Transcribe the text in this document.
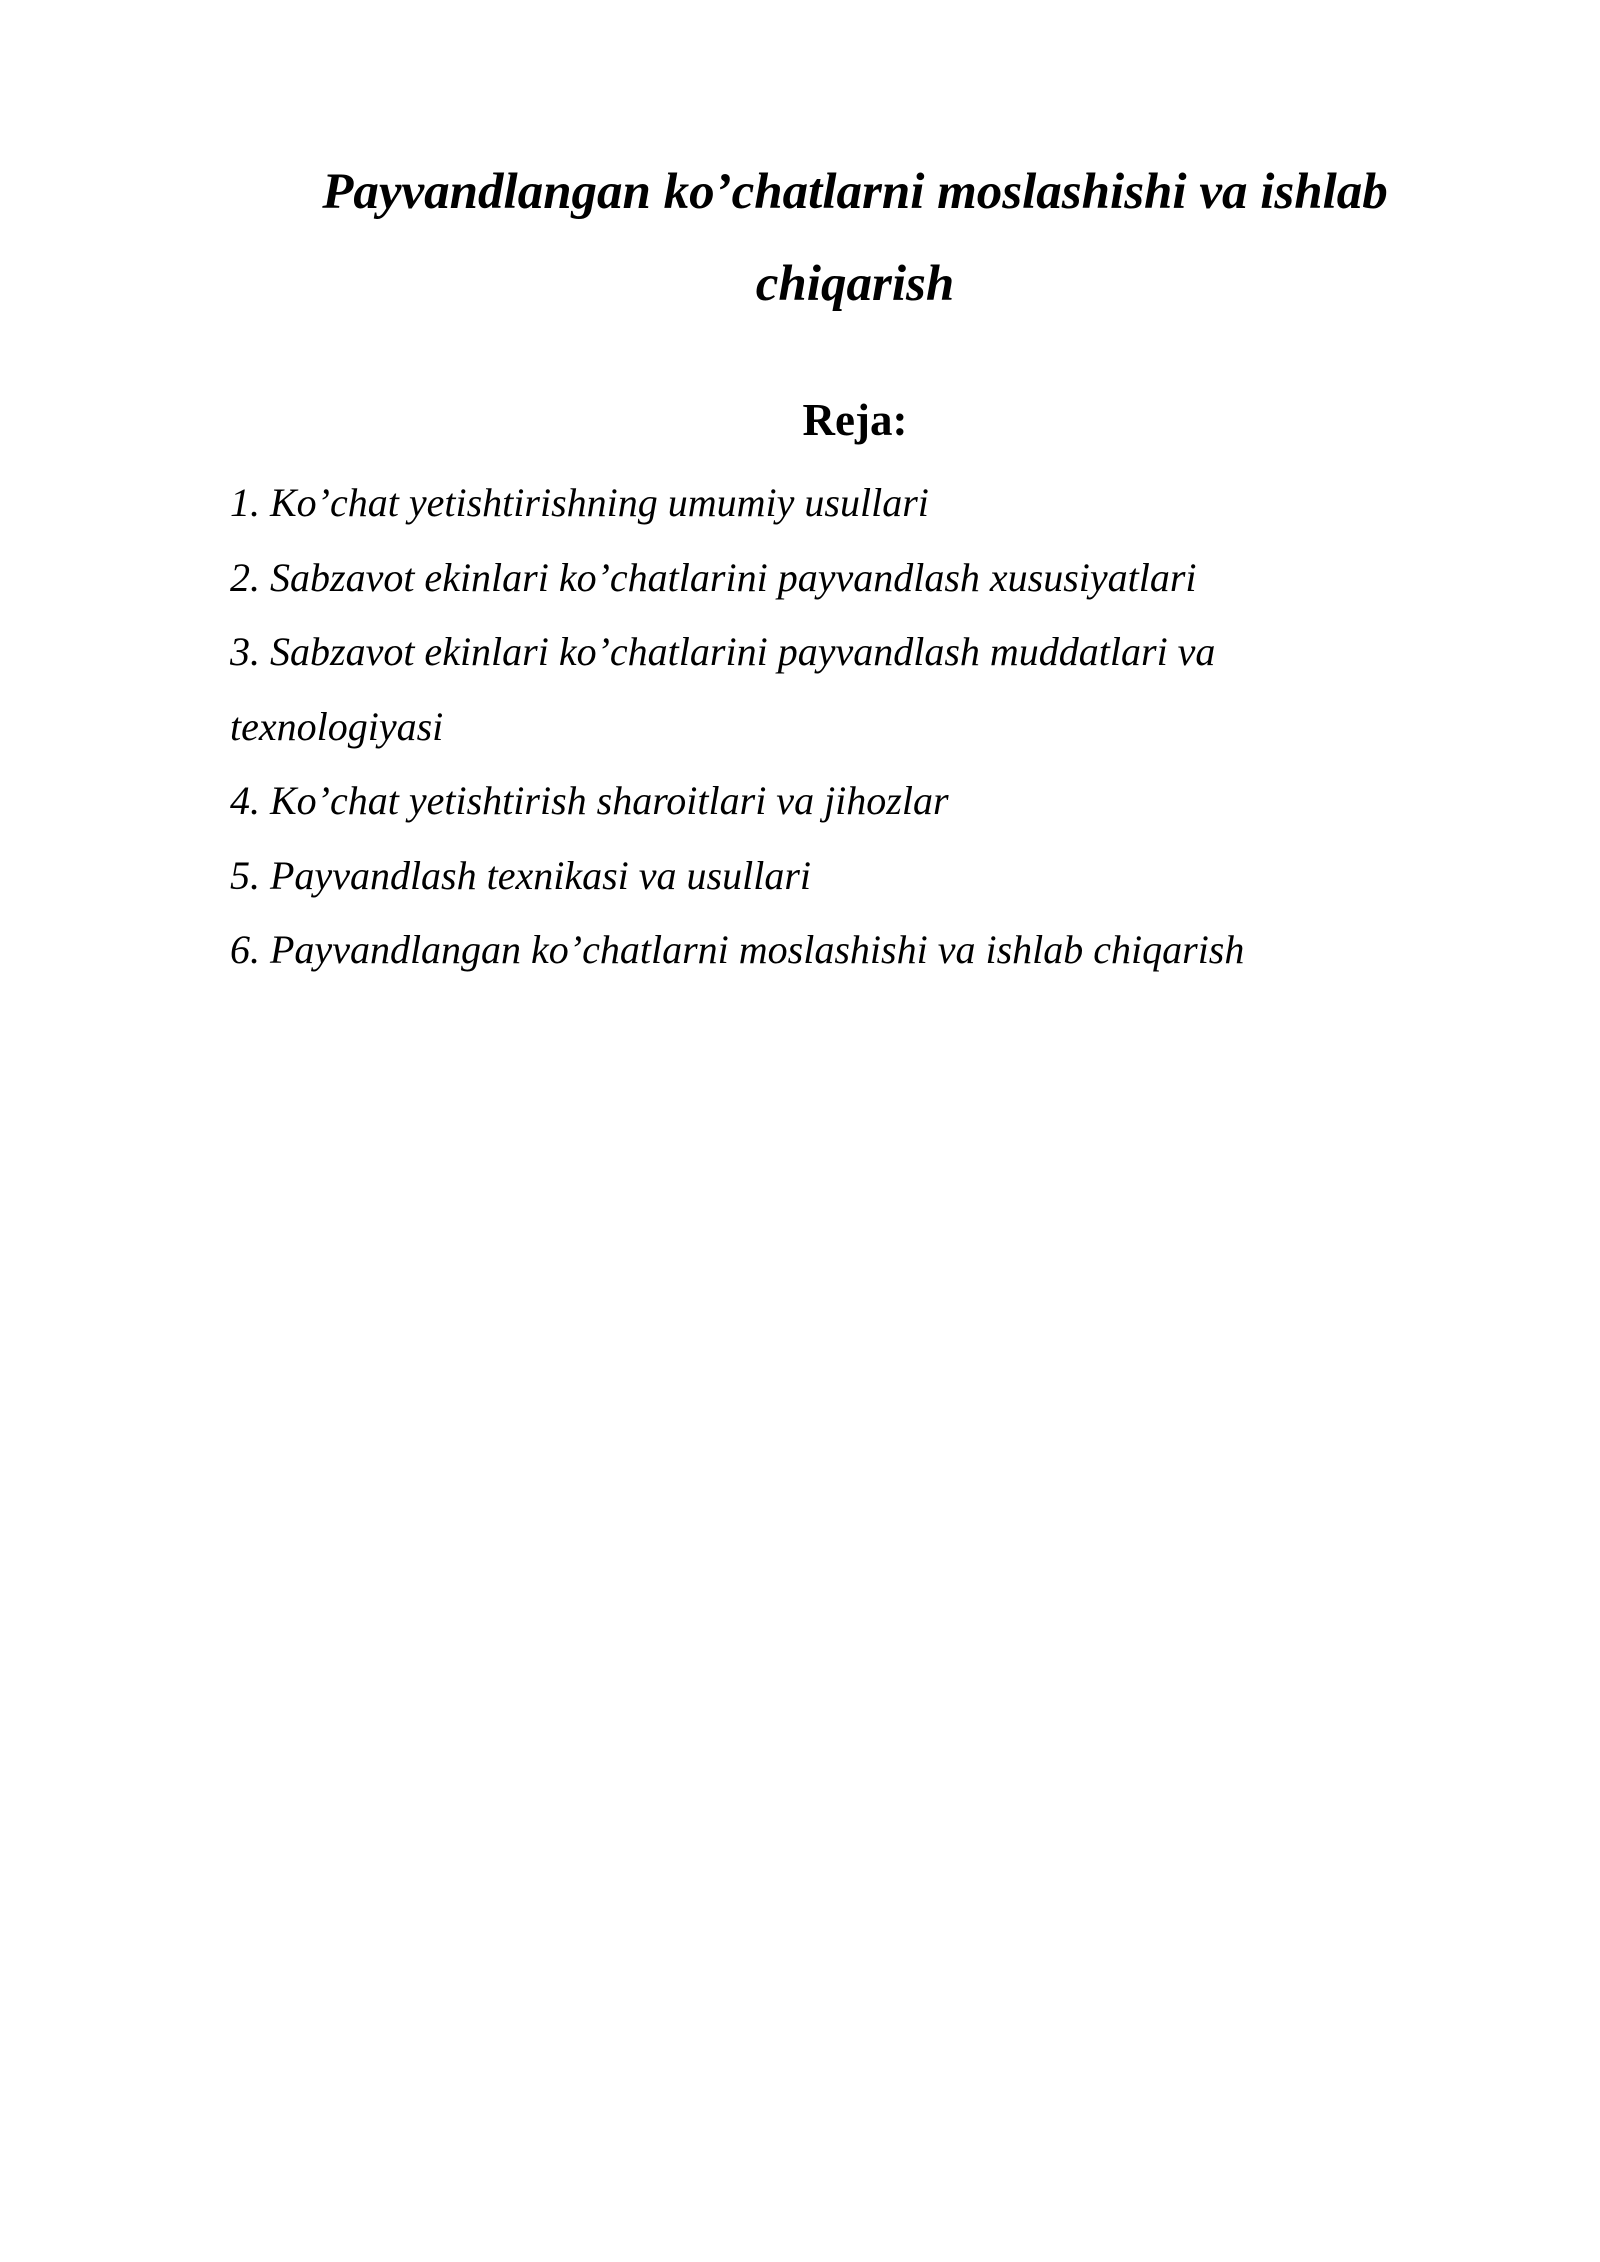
Payvandlangan ko’chatlarni moslashishi va ishlab chiqarish
Reja:
1. Ko’chat yetishtirishning umumiy usullari
2. Sabzavot ekinlari ko’chatlarini payvandlash xususiyatlari
3. Sabzavot ekinlari ko’chatlarini payvandlash muddatlari va texnologiyasi
4. Ko’chat yetishtirish sharoitlari va jihozlar
5. Payvandlash texnikasi va usullari
6. Payvandlangan ko’chatlarni moslashishi va ishlab chiqarish
